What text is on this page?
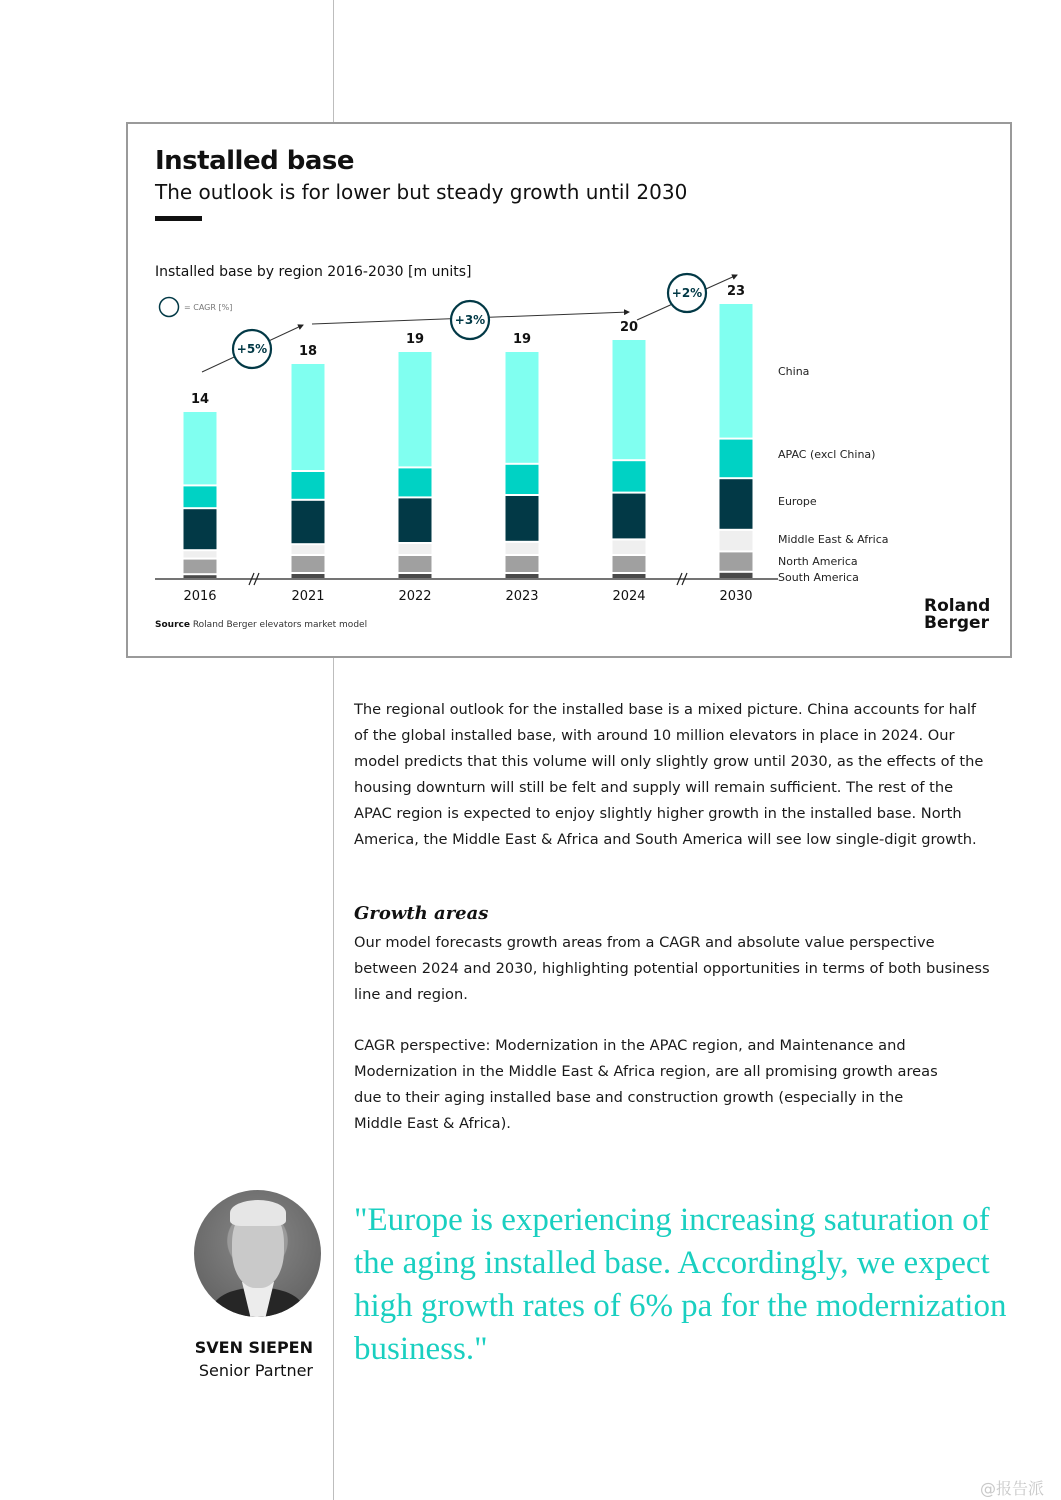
14
2016
18
2021
19
2022
19
2023
20
2024
23
2030
South America
North America
Middle East & Africa
Europe
APAC (excl China)
China
+5%
+3%
+2%
= CAGR [%]
Installed base
The outlook is for lower but steady growth until 2030
Installed base by region 2016-2030 [m units]
Source Roland Berger elevators market model
Roland
Berger
The regional outlook for the installed base is a mixed picture. China accounts for half of the global installed base, with around 10 million elevators in place in 2024. Our model predicts that this volume will only slightly grow until 2030, as the effects of the housing downturn will still be felt and supply will remain sufficient. The rest of the APAC region is expected to enjoy slightly higher growth in the installed base. North America, the Middle East & Africa and South America will see low single-digit growth.
Growth areas
Our model forecasts growth areas from a CAGR and absolute value perspective between 2024 and 2030, highlighting potential opportunities in terms of both business line and region.
CAGR perspective: Modernization in the APAC region, and Maintenance and Modernization in the Middle East & Africa region, are all promising growth areas due to their aging installed base and construction growth (especially in the Middle East & Africa).
SVEN SIEPEN
Senior Partner
"Europe is experiencing increasing saturation of the aging installed base. Accordingly, we expect high growth rates of 6% pa for the modernization business."
@报告派
